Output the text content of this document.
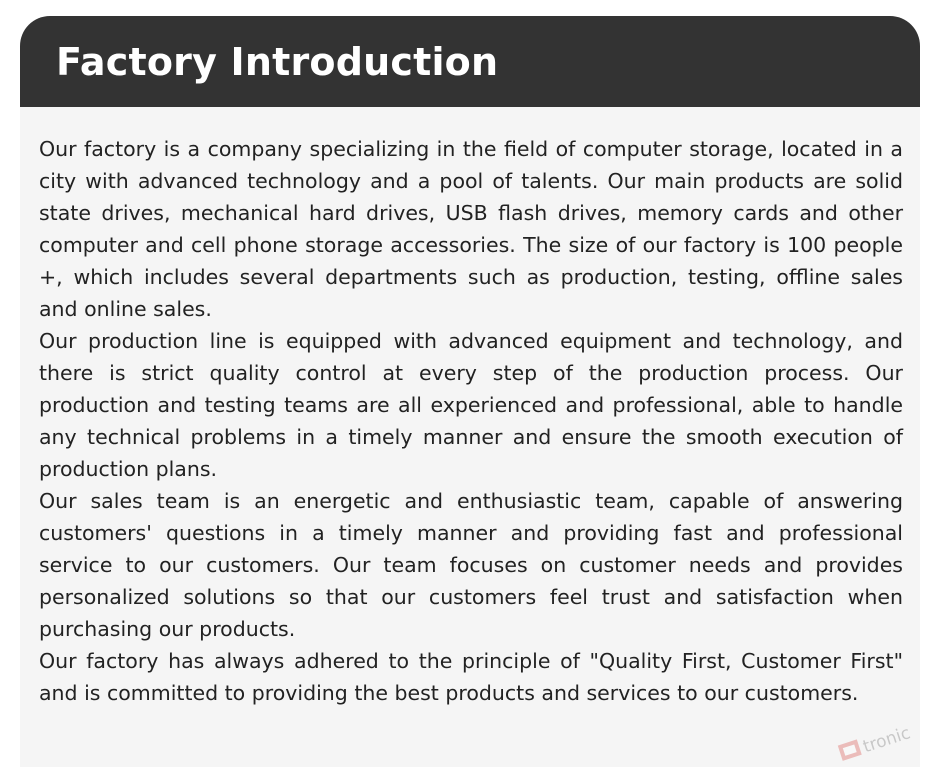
Factory Introduction

Our factory is a company specializing in the field of computer storage, located in a city with advanced technology and a pool of talents. Our main products are solid state drives, mechanical hard drives, USB flash drives, memory cards and other computer and cell phone storage accessories. The size of our factory is 100 people +, which includes several departments such as production, testing, offline sales and online sales.

Our production line is equipped with advanced equipment and technology, and there is strict quality control at every step of the production process. Our production and testing teams are all experienced and professional, able to handle any technical problems in a timely manner and ensure the smooth execution of production plans.

Our sales team is an energetic and enthusiastic team, capable of answering customers' questions in a timely manner and providing fast and professional service to our customers. Our team focuses on customer needs and provides personalized solutions so that our customers feel trust and satisfaction when purchasing our products.

Our factory has always adhered to the principle of "Quality First, Customer First" and is committed to providing the best products and services to our customers.

tronic
